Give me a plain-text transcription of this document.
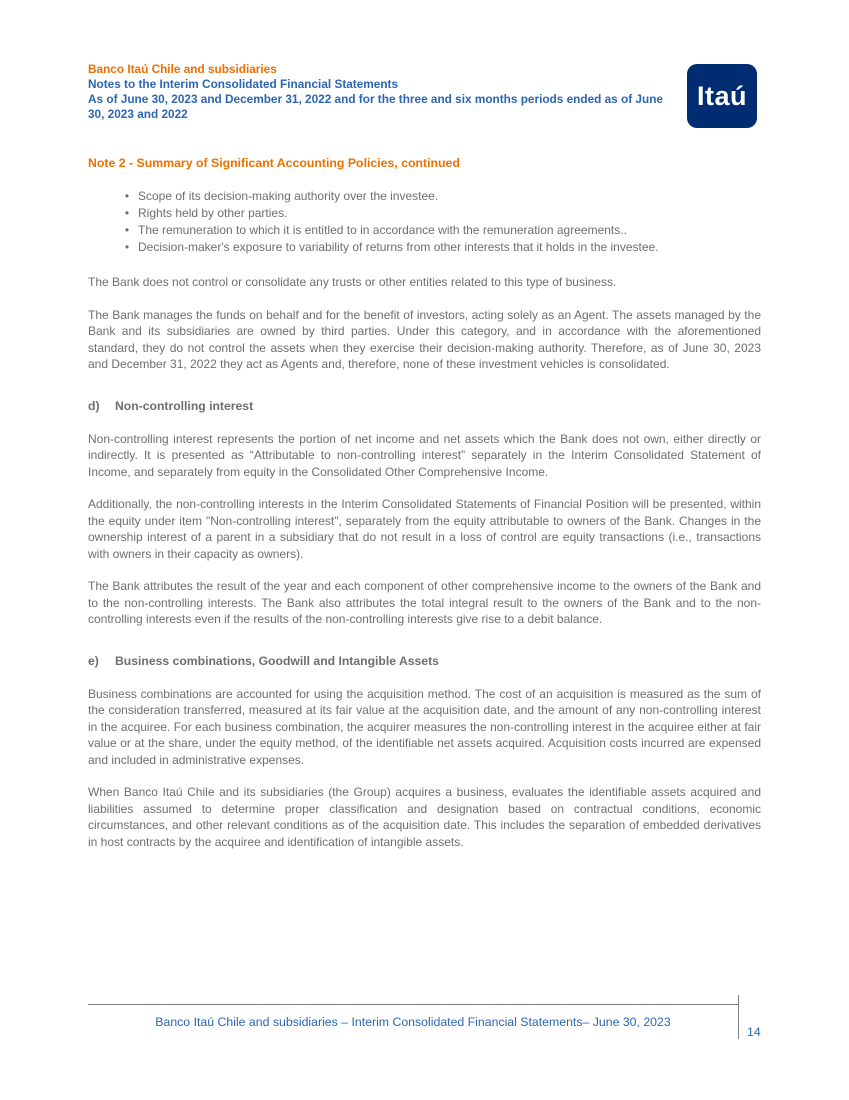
Banco Itaú Chile and subsidiaries
Notes to the Interim Consolidated Financial Statements
As of June 30, 2023 and December 31, 2022 and for the three and six months periods ended as of June 30, 2023 and 2022
Itaú
Note 2 - Summary of Significant Accounting Policies, continued
• Scope of its decision-making authority over the investee.
• Rights held by other parties.
• The remuneration to which it is entitled to in accordance with the remuneration agreements..
• Decision-maker's exposure to variability of returns from other interests that it holds in the investee.

The Bank does not control or consolidate any trusts or other entities related to this type of business.

The Bank manages the funds on behalf and for the benefit of investors, acting solely as an Agent. The assets managed by the Bank and its subsidiaries are owned by third parties. Under this category, and in accordance with the aforementioned standard, they do not control the assets when they exercise their decision-making authority. Therefore, as of June 30, 2023 and December 31, 2022 they act as Agents and, therefore, none of these investment vehicles is consolidated.

d)	Non-controlling interest

Non-controlling interest represents the portion of net income and net assets which the Bank does not own, either directly or indirectly. It is presented as “Attributable to non-controlling interest” separately in the Interim Consolidated Statement of Income, and separately from equity in the Consolidated Other Comprehensive Income.

Additionally, the non-controlling interests in the Interim Consolidated Statements of Financial Position will be presented, within the equity under item "Non-controlling interest", separately from the equity attributable to owners of the Bank. Changes in the ownership interest of a parent in a subsidiary that do not result in a loss of control are equity transactions (i.e., transactions with owners in their capacity as owners).

The Bank attributes the result of the year and each component of other comprehensive income to the owners of the Bank and to the non-controlling interests. The Bank also attributes the total integral result to the owners of the Bank and to the non-controlling interests even if the results of the non-controlling interests give rise to a debit balance.

e)	Business combinations, Goodwill and Intangible Assets

Business combinations are accounted for using the acquisition method. The cost of an acquisition is measured as the sum of the consideration transferred, measured at its fair value at the acquisition date, and the amount of any non-controlling interest in the acquiree. For each business combination, the acquirer measures the non-controlling interest in the acquiree either at fair value or at the share, under the equity method, of the identifiable net assets acquired. Acquisition costs incurred are expensed and included in administrative expenses.

When Banco Itaú Chile and its subsidiaries (the Group) acquires a business, evaluates the identifiable assets acquired and liabilities assumed to determine proper classification and designation based on contractual conditions, economic circumstances, and other relevant conditions as of the acquisition date. This includes the separation of embedded derivatives in host contracts by the acquiree and identification of intangible assets.

Banco Itaú Chile and subsidiaries – Interim Consolidated Financial Statements– June 30, 2023
14
